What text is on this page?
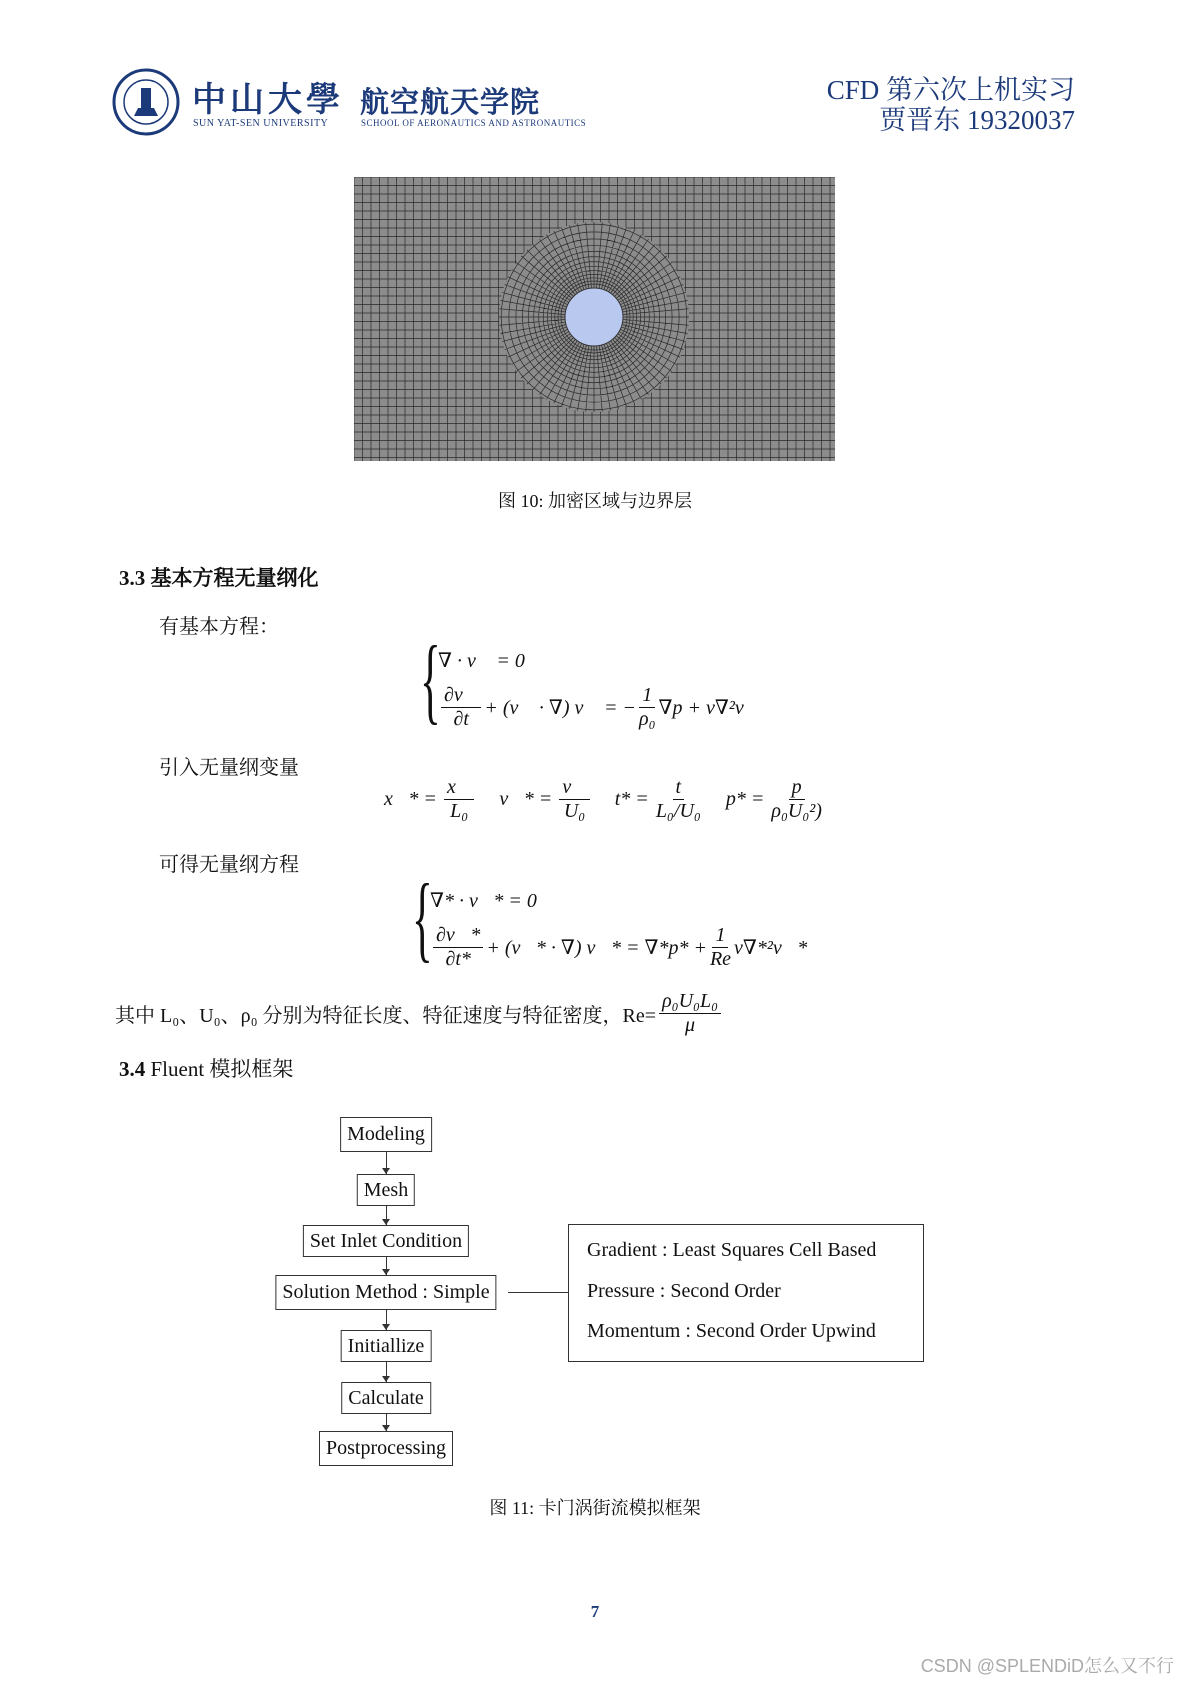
中山大學
SUN YAT-SEN UNIVERSITY
航空航天学院
SCHOOL OF AERONAUTICS AND ASTRONAUTICS
CFD 第六次上机实习
贾晋东 19320037
图 10: 加密区域与边界层
3.3 基本方程无量纲化
有基本方程： {
∇ · v⃗ = 0
$\frac{\partial v⃗}{\partial t}$ + (v⃗ · ∇) v⃗ = − $\frac{1}{\text{ρ₀}} \nabla p$ + ν∇²v⃗
引入无量纲变量
x⃗* = $\frac{x⃗}{\text{L₀}}$ v⃗* = $\frac{v⃗}{\text{U₀}} t* = \frac{t}{\text{L₀/U₀}} p* = \frac{p}{\text{ρ₀U₀²)}}$
可得无量纲方程 {
∇* · v⃗* = 0
$\frac{\partial v⃗*}{\partial t*}$ + (v⃗* · ∇) v⃗* = $\nabla*p* + \frac{1}{Re}$ ν∇*²v⃗*
其中 L₀、U₀、ρ₀ 分别为特征长度、特征速度与特征密度，$Re= \frac{\text{ρ₀U₀L₀}}{\mu}$
3.4 Fluent 模拟框架
Modeling
Mesh
Set Inlet Condition
Solution Method : Simple
Initiallize
Calculate
Postprocessing
Gradient : Least Squares Cell Based
Pressure : Second Order
Momentum : Second Order Upwind
图 11: 卡门涡街流模拟框架
7
CSDN @SPLENDiD怎么又不行
